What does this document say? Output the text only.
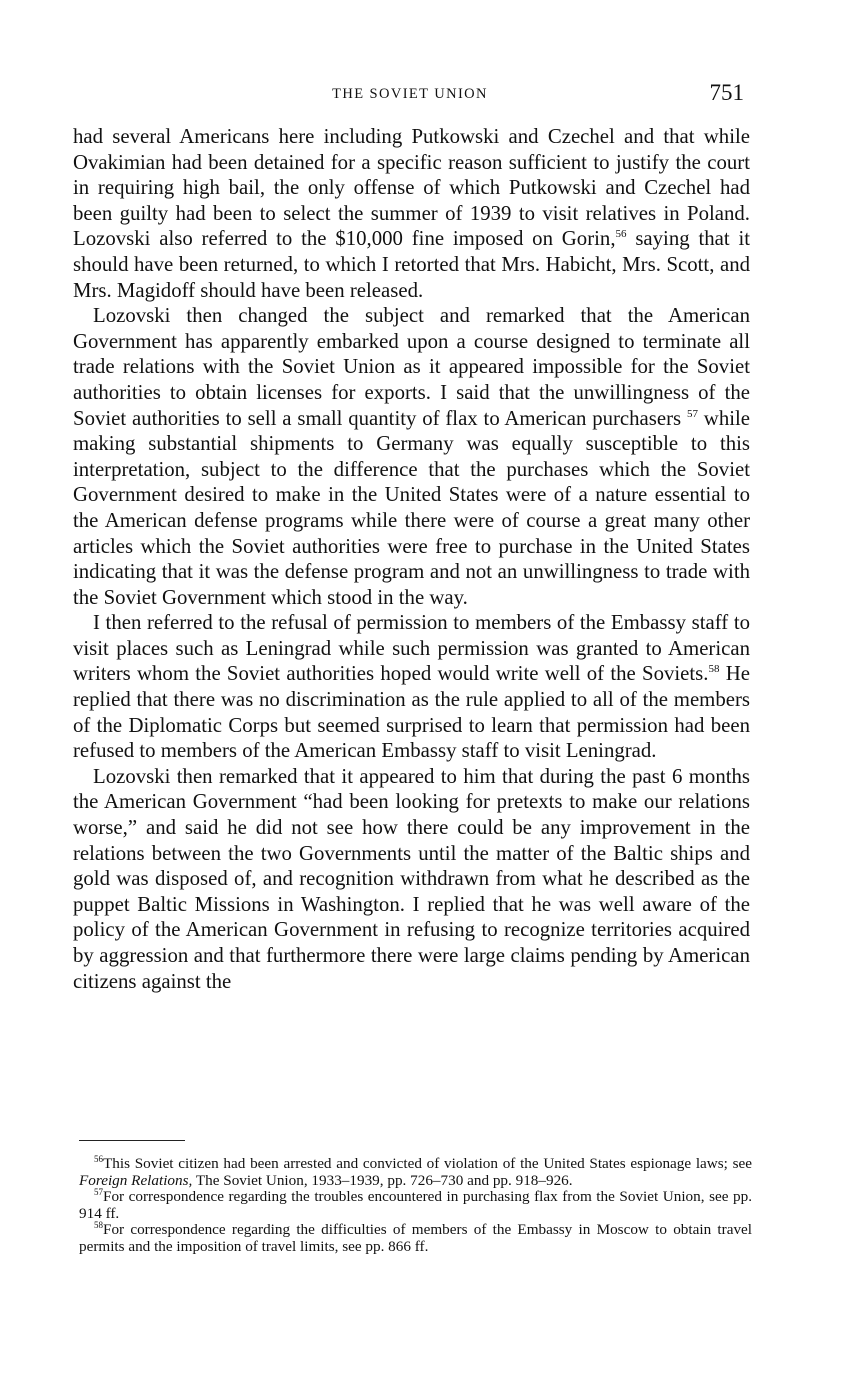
THE SOVIET UNION	751

had several Americans here including Putkowski and Czechel and that while Ovakimian had been detained for a specific reason sufficient to justify the court in requiring high bail, the only offense of which Putkowski and Czechel had been guilty had been to select the summer of 1939 to visit relatives in Poland. Lozovski also referred to the $10,000 fine imposed on Gorin,$^{56}$ saying that it should have been returned, to which I retorted that Mrs. Habicht, Mrs. Scott, and Mrs. Magidoff should have been released.

Lozovski then changed the subject and remarked that the American Government has apparently embarked upon a course designed to terminate all trade relations with the Soviet Union as it appeared impossible for the Soviet authorities to obtain licenses for exports. I said that the unwillingness of the Soviet authorities to sell a small quantity of flax to American purchasers $^{57}$ while making substantial shipments to Germany was equally susceptible to this interpretation, subject to the difference that the purchases which the Soviet Government desired to make in the United States were of a nature essential to the American defense programs while there were of course a great many other articles which the Soviet authorities were free to purchase in the United States indicating that it was the defense program and not an unwillingness to trade with the Soviet Government which stood in the way.

I then referred to the refusal of permission to members of the Embassy staff to visit places such as Leningrad while such permission was granted to American writers whom the Soviet authorities hoped would write well of the Soviets.$^{58}$ He replied that there was no discrimination as the rule applied to all of the members of the Diplomatic Corps but seemed surprised to learn that permission had been refused to members of the American Embassy staff to visit Leningrad.

Lozovski then remarked that it appeared to him that during the past 6 months the American Government “had been looking for pretexts to make our relations worse,” and said he did not see how there could be any improvement in the relations between the two Governments until the matter of the Baltic ships and gold was disposed of, and recognition withdrawn from what he described as the puppet Baltic Missions in Washington. I replied that he was well aware of the policy of the American Government in refusing to recognize territories acquired by aggression and that furthermore there were large claims pending by American citizens against the

$^{56}$This Soviet citizen had been arrested and convicted of violation of the United States espionage laws; see Foreign Relations, The Soviet Union, 1933–1939, pp. 726–730 and pp. 918–926.

$^{57}$For correspondence regarding the troubles encountered in purchasing flax from the Soviet Union, see pp. 914 ff.

$^{58}$For correspondence regarding the difficulties of members of the Embassy in Moscow to obtain travel permits and the imposition of travel limits, see pp. 866 ff.
